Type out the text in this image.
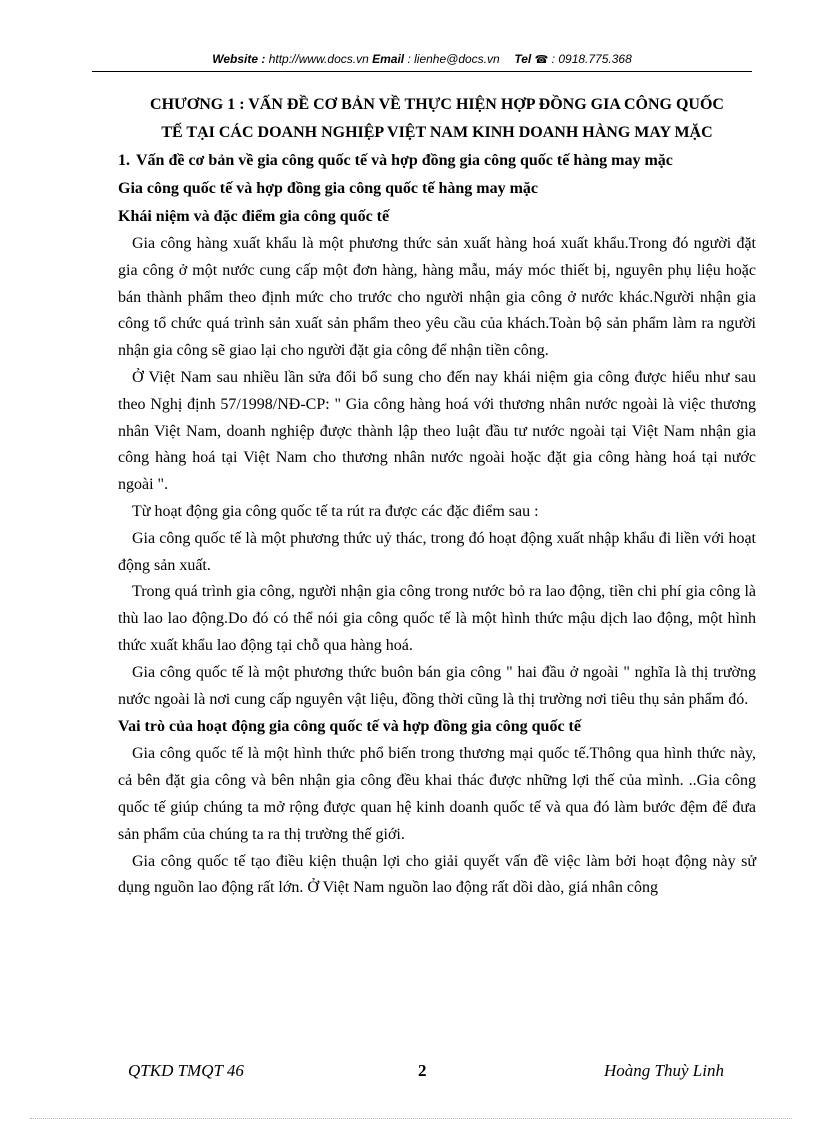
Website : http://www.docs.vn Email : lienhe@docs.vn Tel ☎ : 0918.775.368

CHƯƠNG 1 : VẤN ĐỀ CƠ BẢN VỀ THỰC HIỆN HỢP ĐỒNG GIA CÔNG QUỐC

TẾ TẠI CÁC DOANH NGHIỆP VIỆT NAM KINH DOANH HÀNG MAY MẶC

1. Vấn đề cơ bản về gia công quốc tế và hợp đồng gia công quốc tế hàng may mặc

Gia công quốc tế và hợp đồng gia công quốc tế hàng may mặc

Khái niệm và đặc điểm gia công quốc tế

Gia công hàng xuất khẩu là một phương thức sản xuất hàng hoá xuất khẩu.Trong đó người đặt gia công ở một nước cung cấp một đơn hàng, hàng mẫu, máy móc thiết bị, nguyên phụ liệu hoặc bán thành phẩm theo định mức cho trước cho người nhận gia công ở nước khác.Người nhận gia công tổ chức quá trình sản xuất sản phẩm theo yêu cầu của khách.Toàn bộ sản phẩm làm ra người nhận gia công sẽ giao lại cho người đặt gia công để nhận tiền công.

Ở Việt Nam sau nhiều lần sửa đổi bổ sung cho đến nay khái niệm gia công được hiểu như sau theo Nghị định 57/1998/NĐ-CP: " Gia công hàng hoá với thương nhân nước ngoài là việc thương nhân Việt Nam, doanh nghiệp được thành lập theo luật đầu tư nước ngoài tại Việt Nam nhận gia công hàng hoá tại Việt Nam cho thương nhân nước ngoài hoặc đặt gia công hàng hoá tại nước ngoài ".

Từ hoạt động gia công quốc tế ta rút ra được các đặc điểm sau :

Gia công quốc tế là một phương thức uỷ thác, trong đó hoạt động xuất nhập khẩu đi liền với hoạt động sản xuất.

Trong quá trình gia công, người nhận gia công trong nước bỏ ra lao động, tiền chi phí gia công là thù lao lao động.Do đó có thể nói gia công quốc tế là một hình thức mậu dịch lao động, một hình thức xuất khẩu lao động tại chỗ qua hàng hoá.

Gia công quốc tế là một phương thức buôn bán gia công " hai đầu ở ngoài " nghĩa là thị trường nước ngoài là nơi cung cấp nguyên vật liệu, đồng thời cũng là thị trường nơi tiêu thụ sản phẩm đó.

Vai trò của hoạt động gia công quốc tế và hợp đồng gia công quốc tế

Gia công quốc tế là một hình thức phổ biến trong thương mại quốc tế.Thông qua hình thức này, cả bên đặt gia công và bên nhận gia công đều khai thác được những lợi thế của mình. ..Gia công quốc tế giúp chúng ta mở rộng được quan hệ kinh doanh quốc tế và qua đó làm bước đệm để đưa sản phẩm của chúng ta ra thị trường thế giới.

Gia công quốc tế tạo điều kiện thuận lợi cho giải quyết vấn đề việc làm bởi hoạt động này sử dụng nguồn lao động rất lớn. Ở Việt Nam nguồn lao động rất dồi dào, giá nhân công

QTKD TMQT 46	2	Hoàng Thuỳ Linh
